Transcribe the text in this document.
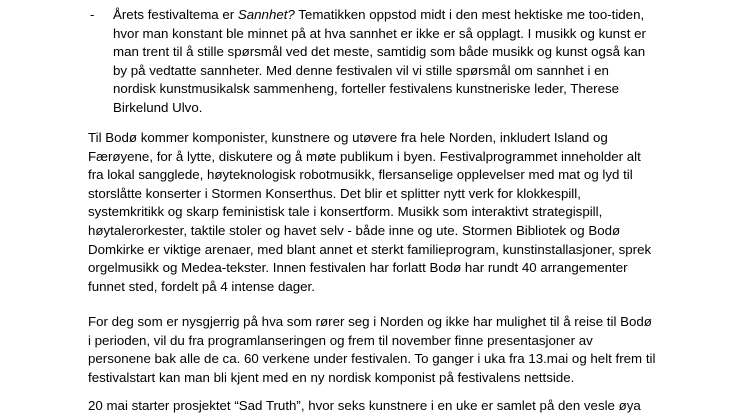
- Årets festivaltema er Sannhet? Tematikken oppstod midt i den mest hektiske me too-tiden, hvor man konstant ble minnet på at hva sannhet er ikke er så opplagt. I musikk og kunst er man trent til å stille spørsmål ved det meste, samtidig som både musikk og kunst også kan by på vedtatte sannheter. Med denne festivalen vil vi stille spørsmål om sannhet i en nordisk kunstmusikalsk sammenheng, forteller festivalens kunstneriske leder, Therese Birkelund Ulvo.

Til Bodø kommer komponister, kunstnere og utøvere fra hele Norden, inkludert Island og Færøyene, for å lytte, diskutere og å møte publikum i byen. Festivalprogrammet inneholder alt fra lokal sangglede, høyteknologisk robotmusikk, flersanselige opplevelser med mat og lyd til storslåtte konserter i Stormen Konserthus. Det blir et splitter nytt verk for klokkespill, systemkritikk og skarp feministisk tale i konsertform. Musikk som interaktivt strategispill, høytalerorkester, taktile stoler og havet selv - både inne og ute. Stormen Bibliotek og Bodø Domkirke er viktige arenaer, med blant annet et sterkt familieprogram, kunstinstallasjoner, sprek orgelmusikk og Medea-tekster. Innen festivalen har forlatt Bodø har rundt 40 arrangementer funnet sted, fordelt på 4 intense dager.

For deg som er nysgjerrig på hva som rører seg i Norden og ikke har mulighet til å reise til Bodø i perioden, vil du fra programlanseringen og frem til november finne presentasjoner av personene bak alle de ca. 60 verkene under festivalen. To ganger i uka fra 13.mai og helt frem til festivalstart kan man bli kjent med en ny nordisk komponist på festivalens nettside.

20 mai starter prosjektet “Sad Truth”, hvor seks kunstnere i en uke er samlet på den vesle øya
